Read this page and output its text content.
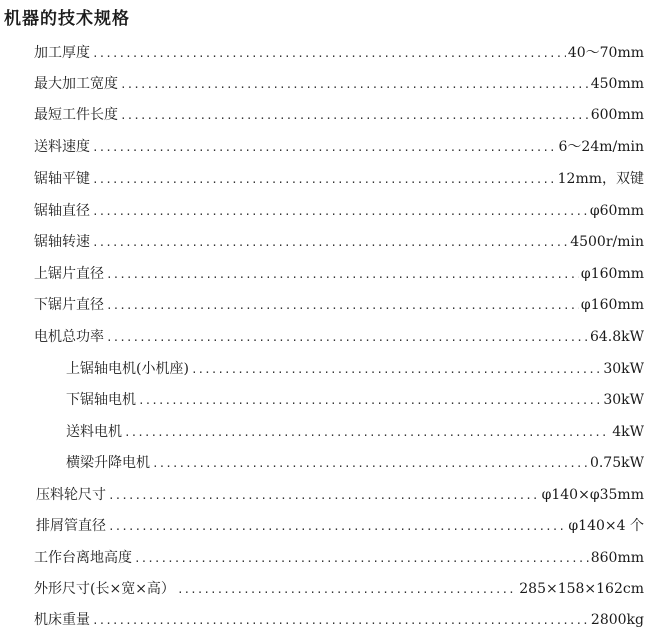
机器的技术规格
加工厚度 .....	40～70mm
最大加工宽度 .....	450mm
最短工件长度 .....	600mm
送料速度 .....	6～24m/min
锯轴平键 .....	12mm，双键
锯轴直径 .....	φ60mm
锯轴转速 .....	4500r/min
上锯片直径 .....	φ160mm
下锯片直径 .....	φ160mm
电机总功率 .....	64.8kW
上锯轴电机(小机座) .....	30kW
下锯轴电机 .....	30kW
送料电机 .....	4kW
横梁升降电机 .....	0.75kW
压料轮尺寸 .....	φ140×φ35mm
排屑管直径 .....	φ140×4 个
工作台离地高度 .....	860mm
外形尺寸(长×宽×高） .....	285×158×162cm
机床重量 .....	2800kg
